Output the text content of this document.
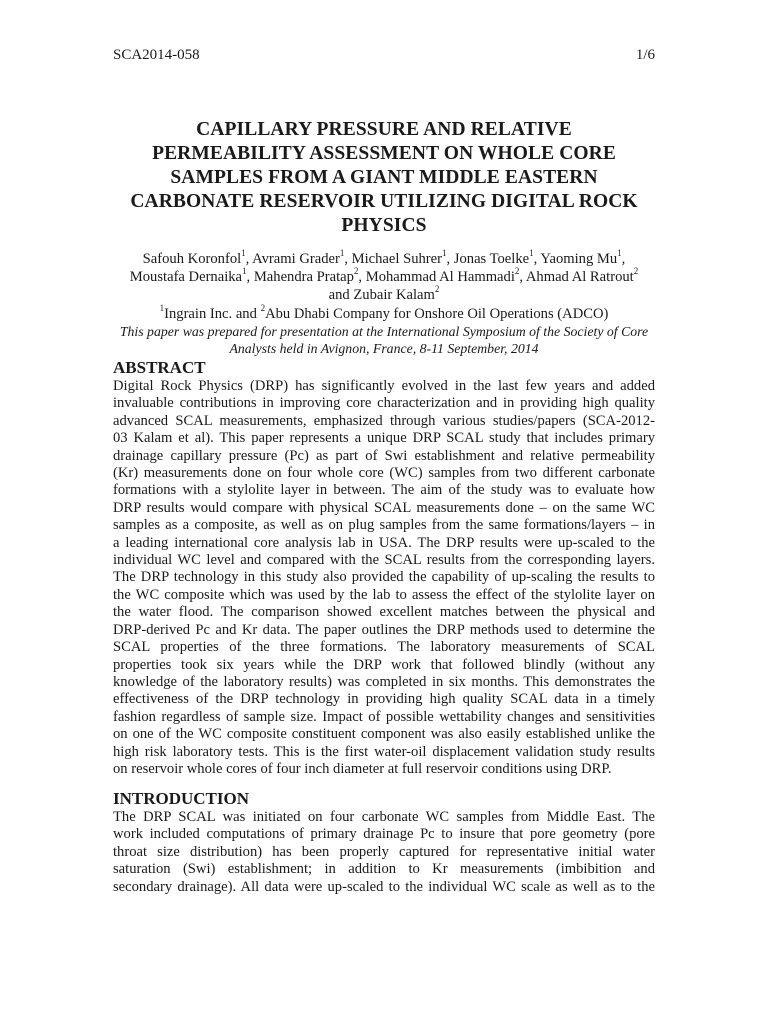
SCA2014-058	1/6
CAPILLARY PRESSURE AND RELATIVE
PERMEABILITY ASSESSMENT ON WHOLE CORE
SAMPLES FROM A GIANT MIDDLE EASTERN
CARBONATE RESERVOIR UTILIZING DIGITAL ROCK
PHYSICS
Safouh Koronfol$^1$, Avrami Grader$^1$, Michael Suhrer$^1$, Jonas Toelke$^1$, Yaoming Mu$^1$,
Moustafa Dernaika$^1$, Mahendra Pratap$^2$, Mohammad Al Hammadi$^2$, Ahmad Al Ratrout$^2$
and Zubair Kalam$^2$
$^1$Ingrain Inc. and $^2$Abu Dhabi Company for Onshore Oil Operations (ADCO)
This paper was prepared for presentation at the International Symposium of the Society of Core
Analysts held in Avignon, France, 8-11 September, 2014
ABSTRACT
Digital Rock Physics (DRP) has significantly evolved in the last few years and added
invaluable contributions in improving core characterization and in providing high quality
advanced SCAL measurements, emphasized through various studies/papers (SCA-2012-
03 Kalam et al). This paper represents a unique DRP SCAL study that includes primary
drainage capillary pressure (Pc) as part of Swi establishment and relative permeability
(Kr) measurements done on four whole core (WC) samples from two different carbonate
formations with a stylolite layer in between. The aim of the study was to evaluate how
DRP results would compare with physical SCAL measurements done – on the same WC
samples as a composite, as well as on plug samples from the same formations/layers – in
a leading international core analysis lab in USA. The DRP results were up-scaled to the
individual WC level and compared with the SCAL results from the corresponding layers.
The DRP technology in this study also provided the capability of up-scaling the results to
the WC composite which was used by the lab to assess the effect of the stylolite layer on
the water flood. The comparison showed excellent matches between the physical and
DRP-derived Pc and Kr data. The paper outlines the DRP methods used to determine the
SCAL properties of the three formations. The laboratory measurements of SCAL
properties took six years while the DRP work that followed blindly (without any
knowledge of the laboratory results) was completed in six months. This demonstrates the
effectiveness of the DRP technology in providing high quality SCAL data in a timely
fashion regardless of sample size. Impact of possible wettability changes and sensitivities
on one of the WC composite constituent component was also easily established unlike the
high risk laboratory tests. This is the first water-oil displacement validation study results
on reservoir whole cores of four inch diameter at full reservoir conditions using DRP.
INTRODUCTION
The DRP SCAL was initiated on four carbonate WC samples from Middle East. The
work included computations of primary drainage Pc to insure that pore geometry (pore
throat size distribution) has been properly captured for representative initial water
saturation (Swi) establishment; in addition to Kr measurements (imbibition and
secondary drainage). All data were up-scaled to the individual WC scale as well as to the
